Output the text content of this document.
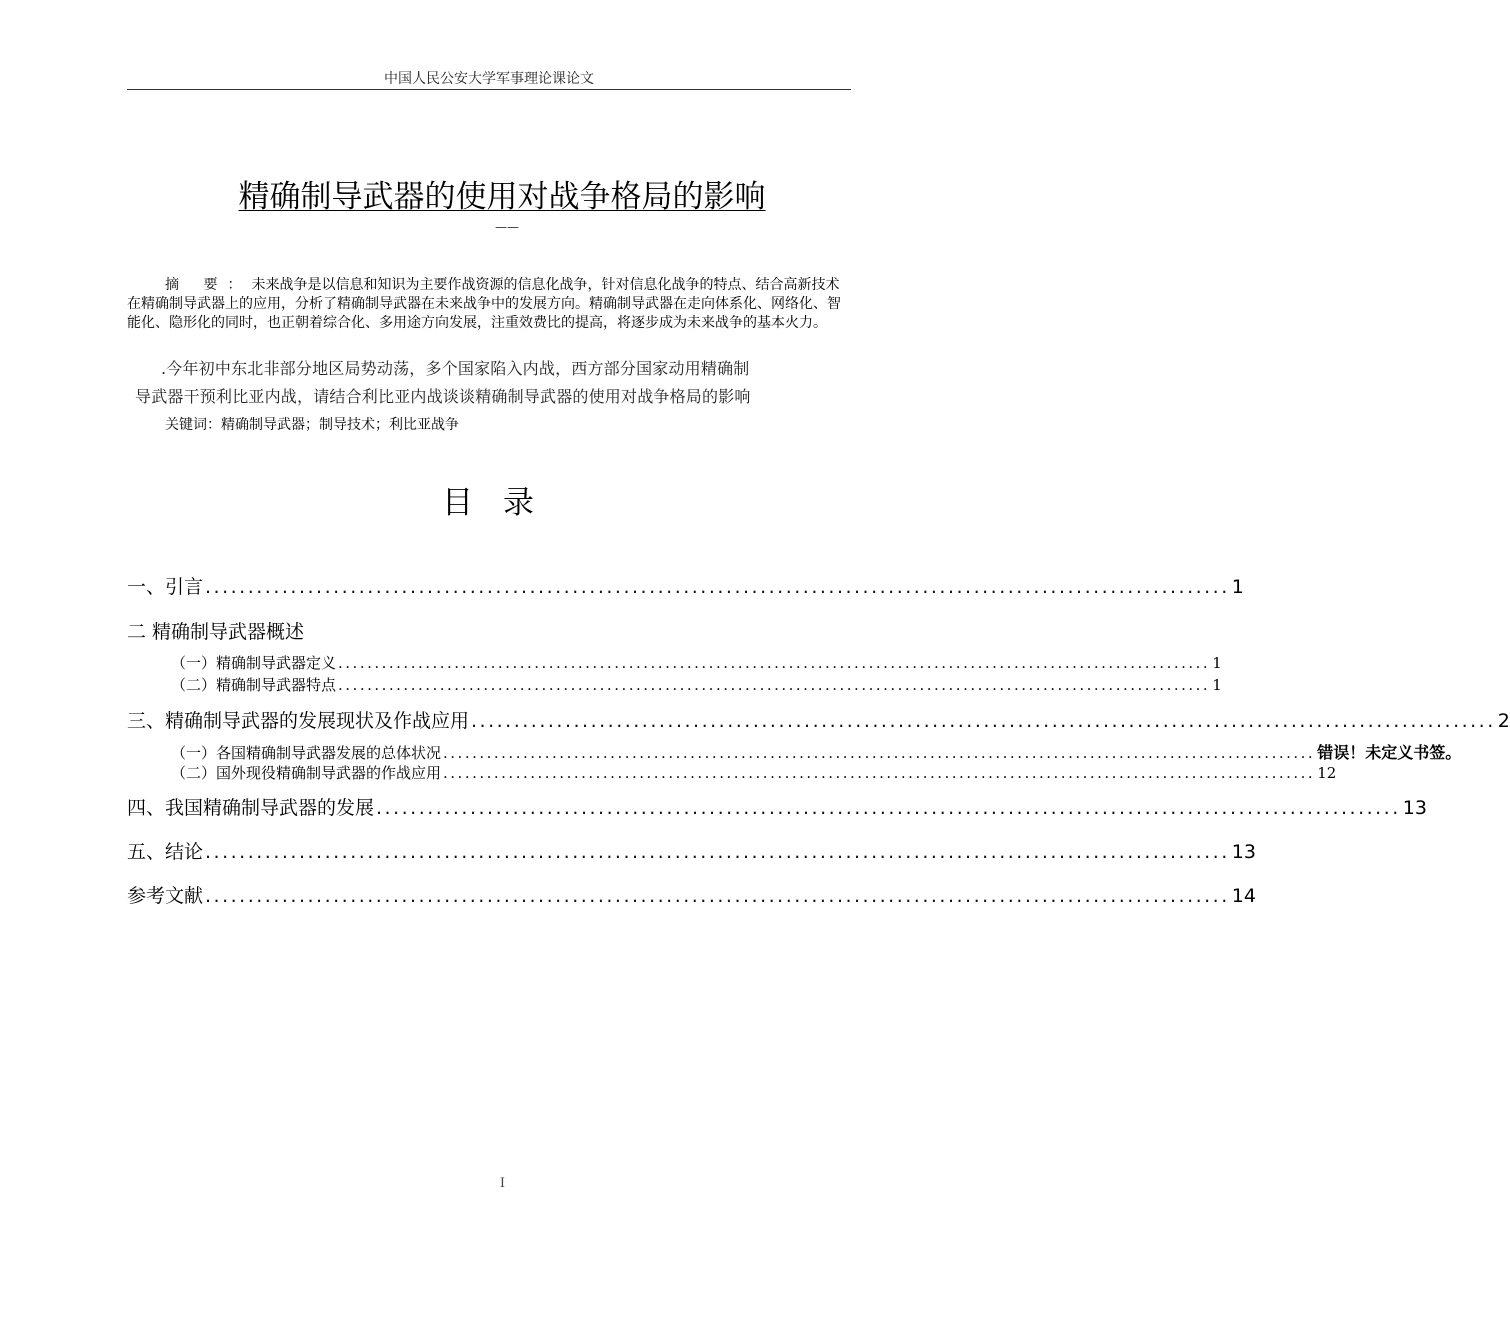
中国人民公安大学军事理论课论文
精确制导武器的使用对战争格局的影响
——
摘 要：未来战争是以信息和知识为主要作战资源的信息化战争，针对信息化战争的特点、结合高新技术在精确制导武器上的应用，分析了精确制导武器在未来战争中的发展方向。精确制导武器在走向体系化、网络化、智能化、隐形化的同时，也正朝着综合化、多用途方向发展，注重效费比的提高，将逐步成为未来战争的基本火力。
.今年初中东北非部分地区局势动荡，多个国家陷入内战，西方部分国家动用精确制
导武器干预利比亚内战，请结合利比亚内战谈谈精确制导武器的使用对战争格局的影响
关键词：精确制导武器；制导技术；利比亚战争
目录
一、引言 ........................................................................................................................ 1
二 精确制导武器概述
（一）精确制导武器定义 ........................................................................................................................ 1
（二）精确制导武器特点 ........................................................................................................................ 1
三、精确制导武器的发展现状及作战应用 ........................................................................................................................ 2
（一）各国精确制导武器发展的总体状况 ........................................................................................................................ 错误！未定义书签。
（二）国外现役精确制导武器的作战应用 ........................................................................................................................ 12
四、我国精确制导武器的发展 ........................................................................................................................ 13
五、结论 ........................................................................................................................ 13
参考文献 ........................................................................................................................ 14
I
